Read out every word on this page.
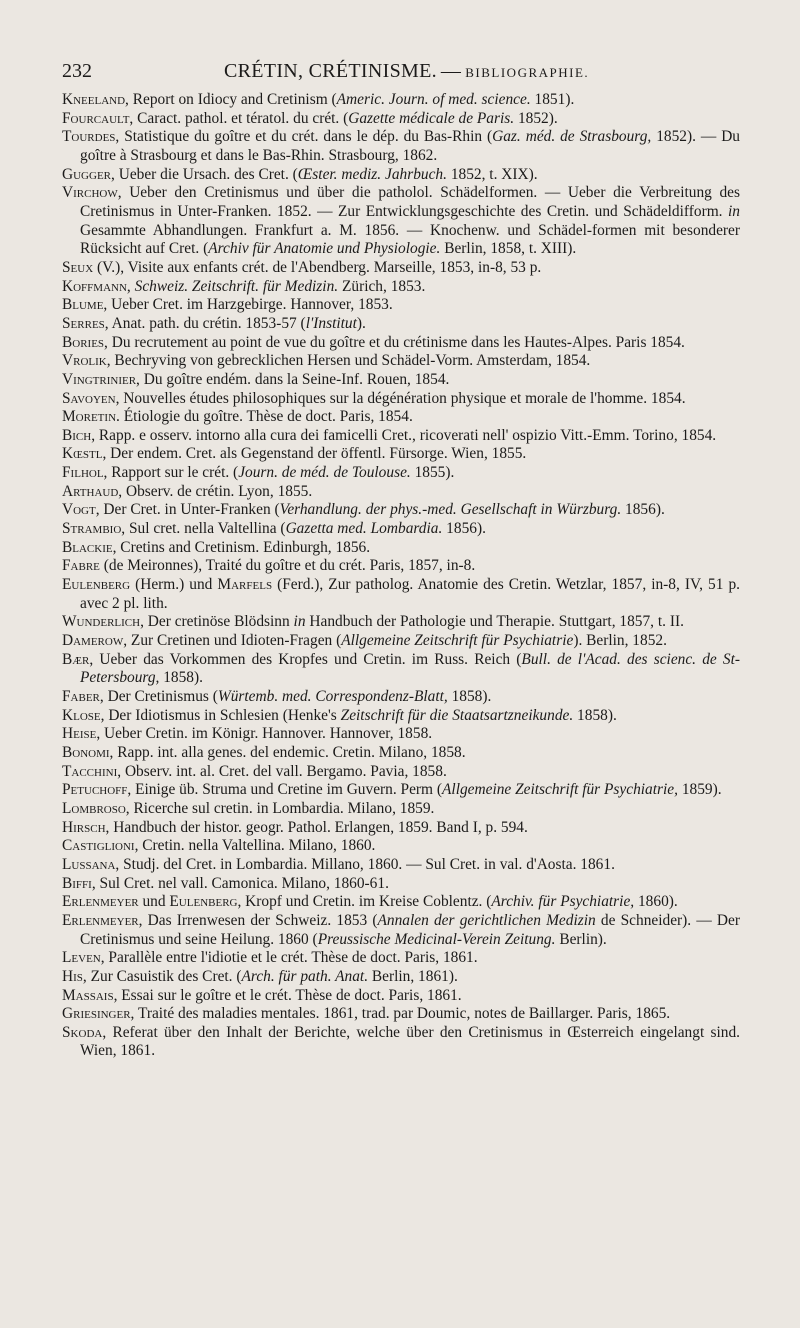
232	CRÉTIN, CRÉTINISME. — BIBLIOGRAPHIE.
Kneeland, Report on Idiocy and Cretinism (Americ. Journ. of med. science. 1851).
Fourcault, Caract. pathol. et tératol. du crét. (Gazette médicale de Paris. 1852).
Tourdes, Statistique du goître et du crét. dans le dép. du Bas-Rhin (Gaz. méd. de Strasbourg, 1852). — Du goître à Strasbourg et dans le Bas-Rhin. Strasbourg, 1862.
Gugger, Ueber die Ursach. des Cret. (Œster. mediz. Jahrbuch. 1852, t. XIX).
Virchow, Ueber den Cretinismus und über die patholol. Schädelformen. — Ueber die Verbreitung des Cretinismus in Unter-Franken. 1852. — Zur Entwicklungsgeschichte des Cretin. und Schädeldifform. in Gesammte Abhandlungen. Frankfurt a. M. 1856. — Knochenw. und Schädel-formen mit besonderer Rücksicht auf Cret. (Archiv für Anatomie und Physiologie. Berlin, 1858, t. XIII).
Seux (V.), Visite aux enfants crét. de l'Abendberg. Marseille, 1853, in-8, 53 p.
Koffmann, Schweiz. Zeitschrift. für Medizin. Zürich, 1853.
Blume, Ueber Cret. im Harzgebirge. Hannover, 1853.
Serres, Anat. path. du crétin. 1853-57 (l'Institut).
Bories, Du recrutement au point de vue du goître et du crétinisme dans les Hautes-Alpes. Paris 1854.
Vrolik, Bechryving von gebrecklichen Hersen und Schädel-Vorm. Amsterdam, 1854.
Vingtrinier, Du goître endém. dans la Seine-Inf. Rouen, 1854.
Savoyen, Nouvelles études philosophiques sur la dégénération physique et morale de l'homme. 1854.
Moretin. Étiologie du goître. Thèse de doct. Paris, 1854.
Bich, Rapp. e osserv. intorno alla cura dei famicelli Cret., ricoverati nell' ospizio Vitt.-Emm. Torino, 1854.
Kœstl, Der endem. Cret. als Gegenstand der öffentl. Fürsorge. Wien, 1855.
Filhol, Rapport sur le crét. (Journ. de méd. de Toulouse. 1855).
Arthaud, Observ. de crétin. Lyon, 1855.
Vogt, Der Cret. in Unter-Franken (Verhandlung. der phys.-med. Gesellschaft in Würzburg. 1856).
Strambio, Sul cret. nella Valtellina (Gazetta med. Lombardia. 1856).
Blackie, Cretins and Cretinism. Edinburgh, 1856.
Fabre (de Meironnes), Traité du goître et du crét. Paris, 1857, in-8.
Eulenberg (Herm.) und Marfels (Ferd.), Zur patholog. Anatomie des Cretin. Wetzlar, 1857, in-8, IV, 51 p. avec 2 pl. lith.
Wunderlich, Der cretinöse Blödsinn in Handbuch der Pathologie und Therapie. Stuttgart, 1857, t. II.
Damerow, Zur Cretinen und Idioten-Fragen (Allgemeine Zeitschrift für Psychiatrie). Berlin, 1852.
Bær, Ueber das Vorkommen des Kropfes und Cretin. im Russ. Reich (Bull. de l'Acad. des scienc. de St-Petersbourg, 1858).
Faber, Der Cretinismus (Würtemb. med. Correspondenz-Blatt, 1858).
Klose, Der Idiotismus in Schlesien (Henke's Zeitschrift für die Staatsartzneikunde. 1858).
Heise, Ueber Cretin. im Königr. Hannover. Hannover, 1858.
Bonomi, Rapp. int. alla genes. del endemic. Cretin. Milano, 1858.
Tacchini, Observ. int. al. Cret. del vall. Bergamo. Pavia, 1858.
Petuchoff, Einige üb. Struma und Cretine im Guvern. Perm (Allgemeine Zeitschrift für Psychiatrie, 1859).
Lombroso, Ricerche sul cretin. in Lombardia. Milano, 1859.
Hirsch, Handbuch der histor. geogr. Pathol. Erlangen, 1859. Band I, p. 594.
Castiglioni, Cretin. nella Valtellina. Milano, 1860.
Lussana, Studj. del Cret. in Lombardia. Millano, 1860. — Sul Cret. in val. d'Aosta. 1861.
Biffi, Sul Cret. nel vall. Camonica. Milano, 1860-61.
Erlenmeyer und Eulenberg, Kropf und Cretin. im Kreise Coblentz. (Archiv. für Psychiatrie, 1860).
Erlenmeyer, Das Irrenwesen der Schweiz. 1853 (Annalen der gerichtlichen Medizin de Schneider). — Der Cretinismus und seine Heilung. 1860 (Preussische Medicinal-Verein Zeitung. Berlin).
Leven, Parallèle entre l'idiotie et le crét. Thèse de doct. Paris, 1861.
His, Zur Casuistik des Cret. (Arch. für path. Anat. Berlin, 1861).
Massais, Essai sur le goître et le crét. Thèse de doct. Paris, 1861.
Griesinger, Traité des maladies mentales. 1861, trad. par Doumic, notes de Baillarger. Paris, 1865.
Skoda, Referat über den Inhalt der Berichte, welche über den Cretinismus in Œsterreich eingelangt sind. Wien, 1861.
